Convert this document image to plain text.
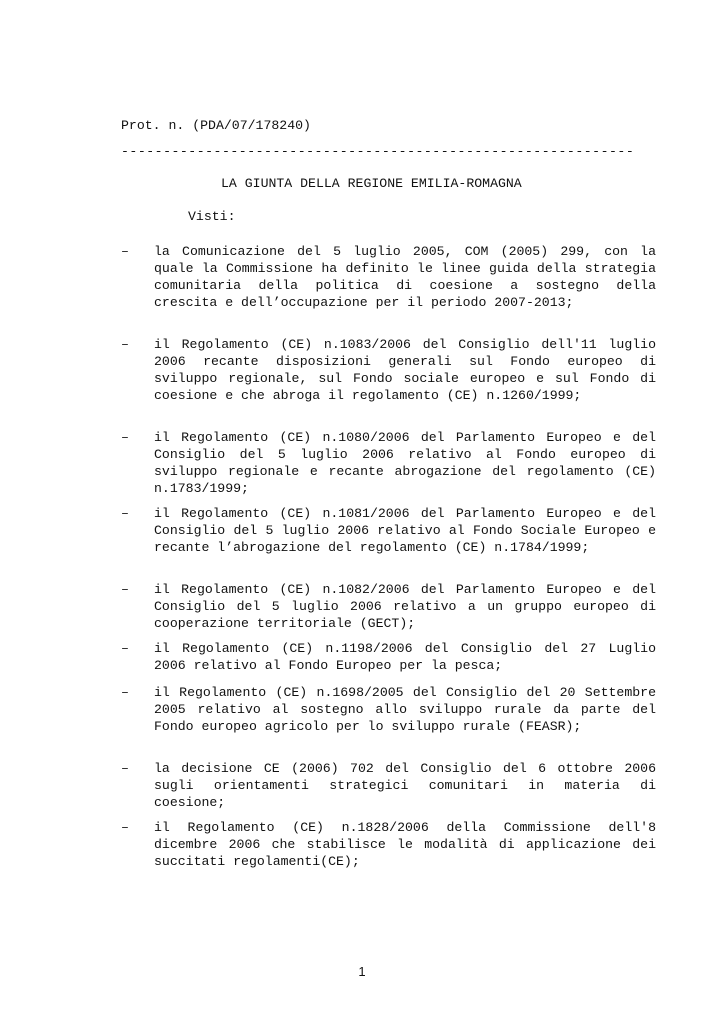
Prot. n. (PDA/07/178240)
-------------------------------------------------------------
LA GIUNTA DELLA REGIONE EMILIA-ROMAGNA
Visti:
– la Comunicazione del 5 luglio 2005, COM (2005) 299, con la quale la Commissione ha definito le linee guida della strategia comunitaria della politica di coesione a sostegno della crescita e dell’occupazione per il periodo 2007-2013;
– il Regolamento (CE) n.1083/2006 del Consiglio dell'11 luglio 2006 recante disposizioni generali sul Fondo europeo di sviluppo regionale, sul Fondo sociale europeo e sul Fondo di coesione e che abroga il regolamento (CE) n.1260/1999;
– il Regolamento (CE) n.1080/2006 del Parlamento Europeo e del Consiglio del 5 luglio 2006 relativo al Fondo europeo di sviluppo regionale e recante abrogazione del regolamento (CE) n.1783/1999;
– il Regolamento (CE) n.1081/2006 del Parlamento Europeo e del Consiglio del 5 luglio 2006 relativo al Fondo Sociale Europeo e recante l’abrogazione del regolamento (CE) n.1784/1999;
– il Regolamento (CE) n.1082/2006 del Parlamento Europeo e del Consiglio del 5 luglio 2006 relativo a un gruppo europeo di cooperazione territoriale (GECT);
– il Regolamento (CE) n.1198/2006 del Consiglio del 27 Luglio 2006 relativo al Fondo Europeo per la pesca;
– il Regolamento (CE) n.1698/2005 del Consiglio del 20 Settembre 2005 relativo al sostegno allo sviluppo rurale da parte del Fondo europeo agricolo per lo sviluppo rurale (FEASR);
– la decisione CE (2006) 702 del Consiglio del 6 ottobre 2006 sugli orientamenti strategici comunitari in materia di coesione;
– il Regolamento (CE) n.1828/2006 della Commissione dell'8 dicembre 2006 che stabilisce le modalità di applicazione dei succitati regolamenti(CE);
1
